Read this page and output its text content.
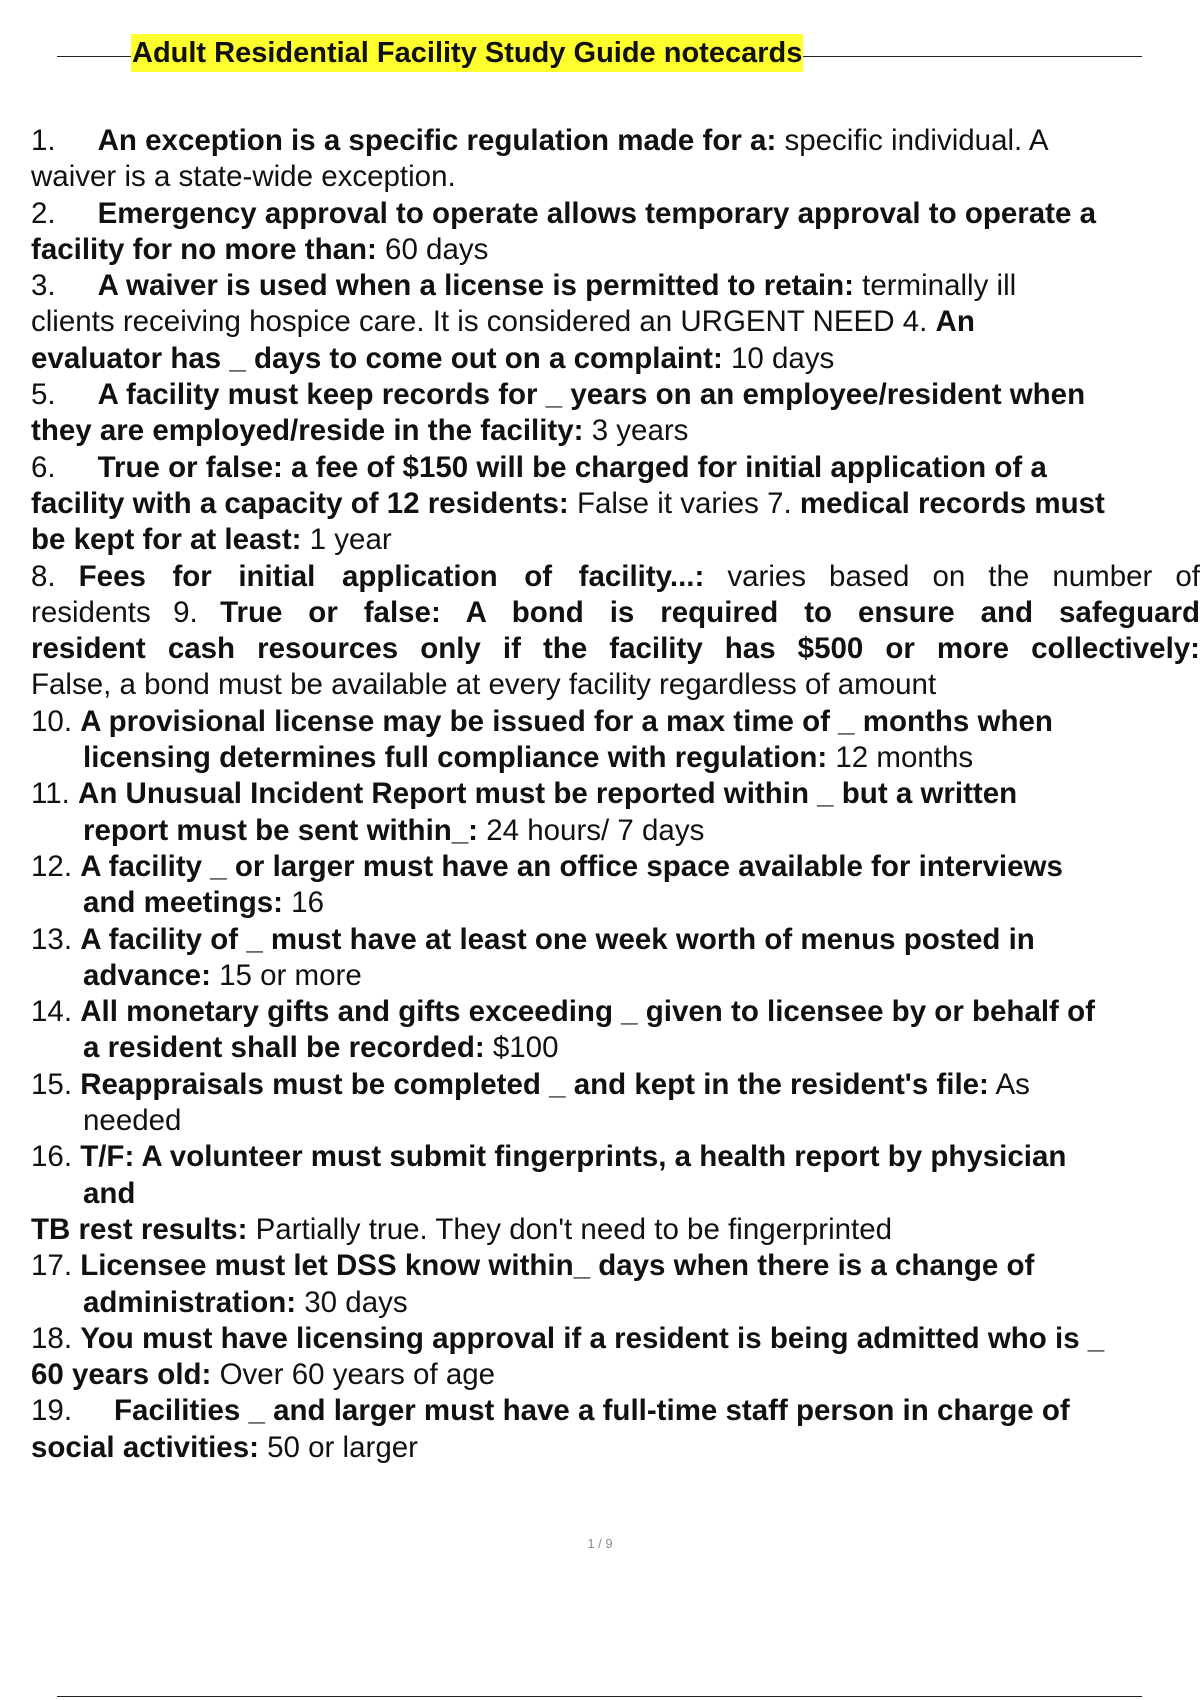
Adult Residential Facility Study Guide notecards
1. An exception is a specific regulation made for a: specific individual. A
waiver is a state-wide exception.
2. Emergency approval to operate allows temporary approval to operate a
facility for no more than: 60 days
3. A waiver is used when a license is permitted to retain: terminally ill
clients receiving hospice care. It is considered an URGENT NEED 4. An
evaluator has _ days to come out on a complaint: 10 days
5. A facility must keep records for _ years on an employee/resident when
they are employed/reside in the facility: 3 years
6. True or false: a fee of $150 will be charged for initial application of a
facility with a capacity of 12 residents: False it varies 7. medical records must
be kept for at least: 1 year
8. Fees for initial application of facility...: varies based on the number of
residents 9. True or false: A bond is required to ensure and safeguard
resident cash resources only if the facility has $500 or more collectively:
False, a bond must be available at every facility regardless of amount
10. A provisional license may be issued for a max time of _ months when
licensing determines full compliance with regulation: 12 months
11. An Unusual Incident Report must be reported within _ but a written
report must be sent within_: 24 hours/ 7 days
12. A facility _ or larger must have an office space available for interviews
and meetings: 16
13. A facility of _ must have at least one week worth of menus posted in
advance: 15 or more
14. All monetary gifts and gifts exceeding _ given to licensee by or behalf of
a resident shall be recorded: $100
15. Reappraisals must be completed _ and kept in the resident's file: As
needed
16. T/F: A volunteer must submit fingerprints, a health report by physician
and
TB rest results: Partially true. They don't need to be fingerprinted
17. Licensee must let DSS know within_ days when there is a change of
administration: 30 days
18. You must have licensing approval if a resident is being admitted who is _
60 years old: Over 60 years of age
19. Facilities _ and larger must have a full-time staff person in charge of
social activities: 50 or larger
1 / 9
